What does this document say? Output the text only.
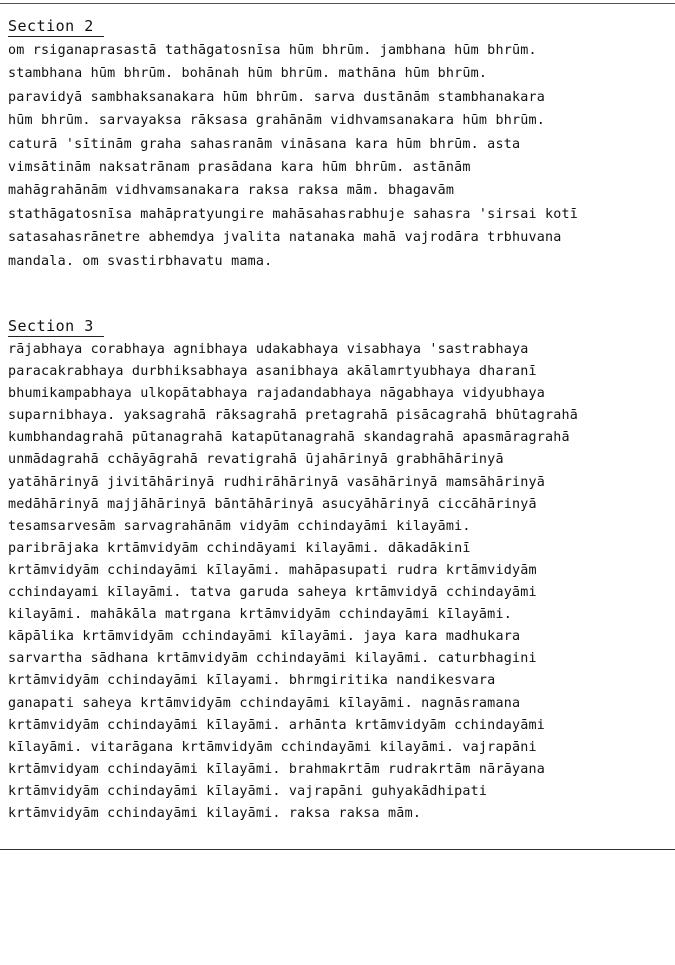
Section 2
om rsiganaprasastā tathāgatosnīsa hūm bhrūm. jambhana hūm bhrūm.
stambhana hūm bhrūm. bohānah hūm bhrūm. mathāna hūm bhrūm.
paravidyā sambhaksanakara hūm bhrūm. sarva dustānām stambhanakara
hūm bhrūm. sarvayaksa rāksasa grahānām vidhvamsanakara hūm bhrūm.
caturā 'sītinām graha sahasranām vināsana kara hūm bhrūm. asta
vimsātinām naksatrānam prasādana kara hūm bhrūm. astānām
mahāgrahānām vidhvamsanakara raksa raksa mām. bhagavām
stathāgatosnīsa mahāpratyungire mahāsahasrabhuje sahasra 'sirsai kotī
satasahasrānetre abhemdya jvalita natanaka mahā vajrodāra trbhuvana
mandala. om svastirbhavatu mama.
Section 3
rājabhaya corabhaya agnibhaya udakabhaya visabhaya 'sastrabhaya
paracakrabhaya durbhiksabhaya asanibhaya akālamrtyubhaya dharanī
bhumikampabhaya ulkopātabhaya rajadandabhaya nāgabhaya vidyubhaya
suparnibhaya. yaksagrahā rāksagrahā pretagrahā pisācagrahā bhūtagrahā
kumbhandagrahā pūtanagrahā katapūtanagrahā skandagrahā apasmāragrahā
unmādagrahā cchāyāgrahā revatigrahā ūjahārinyā grabhāhārinyā
yatāhārinyā jivitāhārinyā rudhirāhārinyā vasāhārinyā mamsāhārinyā
medāhārinyā majjāhārinyā bāntāhārinyā asucyāhārinyā ciccāhārinyā
tesamsarvesām sarvagrahānām vidyām cchindayāmi kilayāmi.
paribrājaka krtāmvidyām cchindāyami kilayāmi. dākadākinī
krtāmvidyām cchindayāmi kīlayāmi. mahāpasupati rudra krtāmvidyām
cchindayami kīlayāmi. tatva garuda saheya krtāmvidyā cchindayāmi
kilayāmi. mahākāla matrgana krtāmvidyām cchindayāmi kīlayāmi.
kāpālika krtāmvidyām cchindayāmi kīlayāmi. jaya kara madhukara
sarvartha sādhana krtāmvidyām cchindayāmi kilayāmi. caturbhagini
krtāmvidyām cchindayāmi kīlayami. bhrmgiritika nandikesvara
ganapati saheya krtāmvidyām cchindayāmi kīlayāmi. nagnāsramana
krtāmvidyām cchindayāmi kīlayāmi. arhānta krtāmvidyām cchindayāmi
kīlayāmi. vitarāgana krtāmvidyām cchindayāmi kilayāmi. vajrapāni
krtāmvidyam cchindayāmi kīlayāmi. brahmakrtām rudrakrtām nārāyana
krtāmvidyām cchindayāmi kīlayāmi. vajrapāni guhyakādhipati
krtāmvidyām cchindayāmi kilayāmi. raksa raksa mām.
